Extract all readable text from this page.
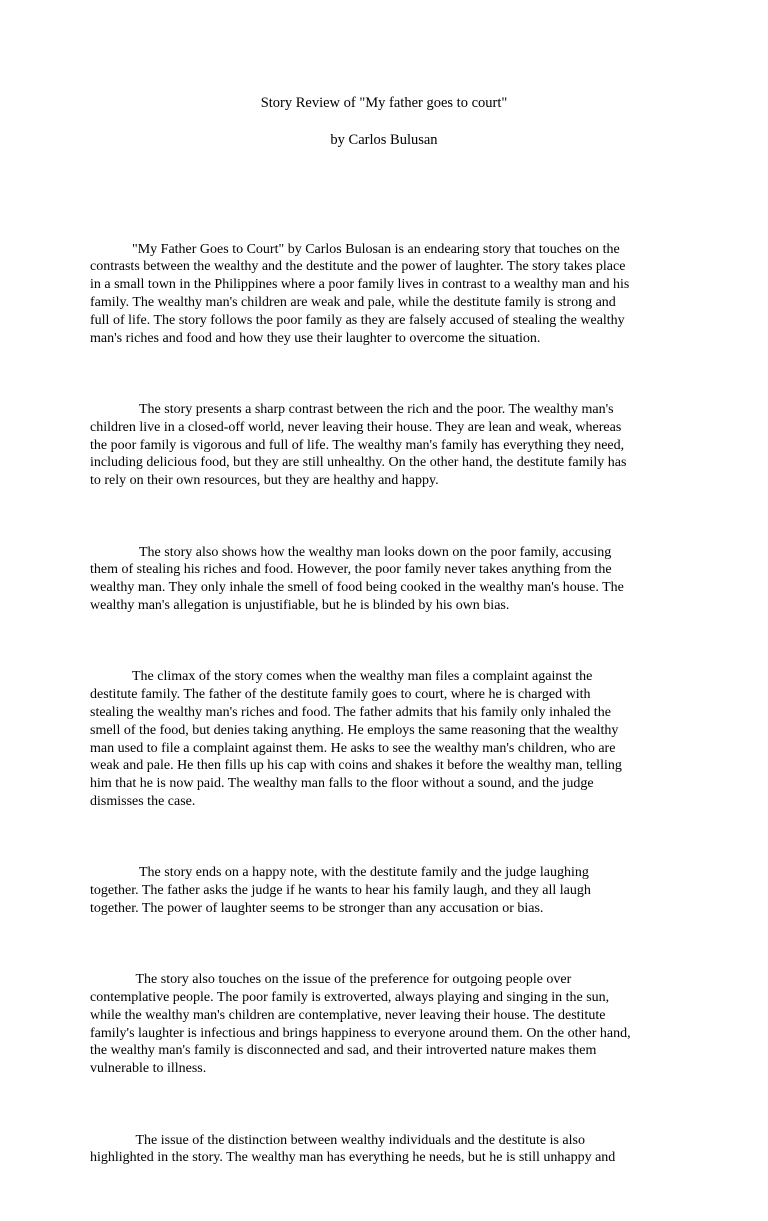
Story Review of "My father goes to court"
by Carlos Bulusan

"My Father Goes to Court" by Carlos Bulosan is an endearing story that touches on the
contrasts between the wealthy and the destitute and the power of laughter. The story takes place
in a small town in the Philippines where a poor family lives in contrast to a wealthy man and his
family. The wealthy man's children are weak and pale, while the destitute family is strong and
full of life. The story follows the poor family as they are falsely accused of stealing the wealthy
man's riches and food and how they use their laughter to overcome the situation.

The story presents a sharp contrast between the rich and the poor. The wealthy man's
children live in a closed-off world, never leaving their house. They are lean and weak, whereas
the poor family is vigorous and full of life. The wealthy man's family has everything they need,
including delicious food, but they are still unhealthy. On the other hand, the destitute family has
to rely on their own resources, but they are healthy and happy.

The story also shows how the wealthy man looks down on the poor family, accusing
them of stealing his riches and food. However, the poor family never takes anything from the
wealthy man. They only inhale the smell of food being cooked in the wealthy man's house. The
wealthy man's allegation is unjustifiable, but he is blinded by his own bias.

The climax of the story comes when the wealthy man files a complaint against the
destitute family. The father of the destitute family goes to court, where he is charged with
stealing the wealthy man's riches and food. The father admits that his family only inhaled the
smell of the food, but denies taking anything. He employs the same reasoning that the wealthy
man used to file a complaint against them. He asks to see the wealthy man's children, who are
weak and pale. He then fills up his cap with coins and shakes it before the wealthy man, telling
him that he is now paid. The wealthy man falls to the floor without a sound, and the judge
dismisses the case.

The story ends on a happy note, with the destitute family and the judge laughing
together. The father asks the judge if he wants to hear his family laugh, and they all laugh
together. The power of laughter seems to be stronger than any accusation or bias.

The story also touches on the issue of the preference for outgoing people over
contemplative people. The poor family is extroverted, always playing and singing in the sun,
while the wealthy man's children are contemplative, never leaving their house. The destitute
family's laughter is infectious and brings happiness to everyone around them. On the other hand,
the wealthy man's family is disconnected and sad, and their introverted nature makes them
vulnerable to illness.

The issue of the distinction between wealthy individuals and the destitute is also
highlighted in the story. The wealthy man has everything he needs, but he is still unhappy and
